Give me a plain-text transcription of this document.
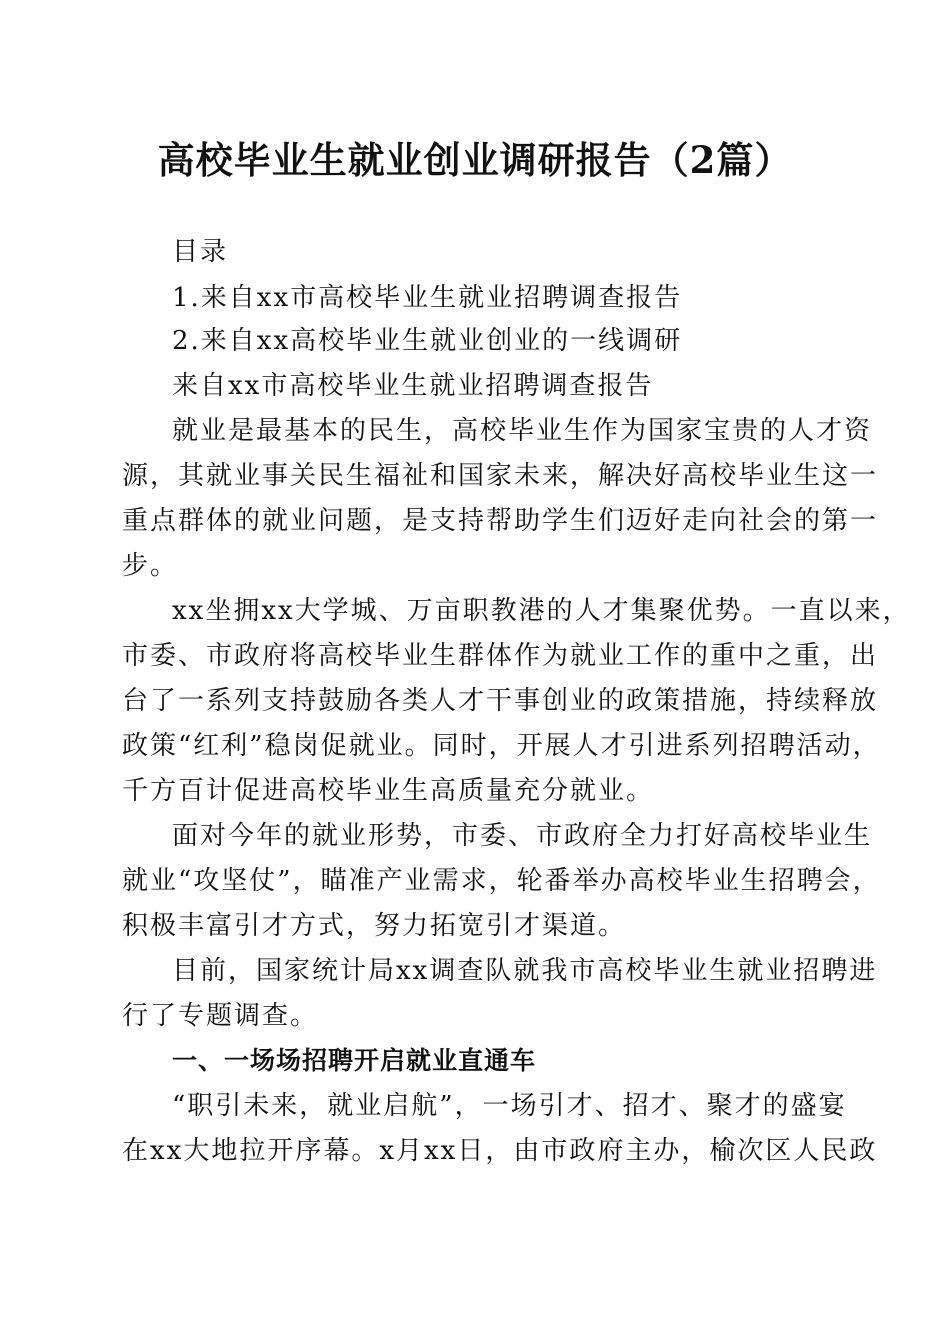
高校毕业生就业创业调研报告（2篇）
目录
1.来自xx市高校毕业生就业招聘调查报告
2.来自xx高校毕业生就业创业的一线调研
来自xx市高校毕业生就业招聘调查报告
就业是最基本的民生，高校毕业生作为国家宝贵的人才资
源，其就业事关民生福祉和国家未来，解决好高校毕业生这一
重点群体的就业问题，是支持帮助学生们迈好走向社会的第一
步。
xx坐拥xx大学城、万亩职教港的人才集聚优势。一直以来，
市委、市政府将高校毕业生群体作为就业工作的重中之重，出
台了一系列支持鼓励各类人才干事创业的政策措施，持续释放
政策“红利”稳岗促就业。同时，开展人才引进系列招聘活动，
千方百计促进高校毕业生高质量充分就业。
面对今年的就业形势，市委、市政府全力打好高校毕业生
就业“攻坚仗”，瞄准产业需求，轮番举办高校毕业生招聘会，
积极丰富引才方式，努力拓宽引才渠道。
目前，国家统计局xx调查队就我市高校毕业生就业招聘进
行了专题调查。
一、一场场招聘开启就业直通车
“职引未来，就业启航”，一场引才、招才、聚才的盛宴
在xx大地拉开序幕。x月xx日，由市政府主办，榆次区人民政
